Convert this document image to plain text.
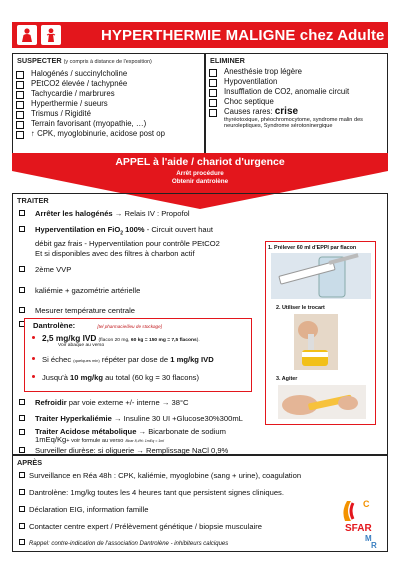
HYPERTHERMIE MALIGNE chez Adulte
SUSPECTER (y compris à distance de l'exposition)
Halogénés / succinylcholine
PEtCO2 élevée / tachypnée
Tachycardie / marbrures
Hyperthermie / sueurs
Trismus / Rigidité
Terrain favorisant (myopathie, …)
↑ CPK, myoglobinurie, acidose post op
ELIMINER
Anesthésie trop légère
Hypoventilation
Insufflation de CO2, anomalie circuit
Choc septique
Causes rares: crise thyréotoxique, phéochromocytome, syndrome malin des neuroleptiques, Syndrome sérotoninergique
APPEL à l'aide / chariot d'urgence
Arrêt procédure
Obtenir dantrolène
TRAITER
Arrêter les halogénés → Relais IV : Propofol
Hyperventilation en FiO$_2$ 100% - Circuit ouvert haut
débit gaz frais - Hyperventilation pour contrôle PEtCO2
Et si disponibles avec des filtres à charbon actif
2ème VVP
kaliémie + gazométrie artérielle
Mesurer température centrale
Refroidir par voie externe +/- interne → 38°C
Traiter Hyperkaliémie → Insuline 30 UI +Glucose30%300mL
Traiter Acidose métabolique → Bicarbonate de sodium
1mEq/Kg+ voir formule au verso Bicar 8,4%: 1mEq = 1ml
Surveiller diurèse: si oliguerie → Remplissage NaCl 0,9%
Dantrolène:	[tel pharmacie/lieu de stockage]
2,5 mg/kg IVD (flacon 20 mg, 60 kg = 150 mg = 7,5 flacons).
Voir abaque au verso
Si échec (quelques min) répéter par dose de 1 mg/kg IVD
Jusqu'à 10 mg/kg au total (60 kg = 30 flacons)
1. Prélever 60 ml d'EPPI par flacon
2. Utiliser le trocart
3. Agiter
APRÈS
Surveillance en Réa 48h : CPK, kaliémie, myoglobine (sang + urine), coagulation
Dantrolène: 1mg/kg toutes les 4 heures tant que persistent signes cliniques.
Déclaration EIG, information famille
Contacter centre expert / Prélèvement génétique / biopsie musculaire
Rappel: contre-indication de l'association Dantrolène - inhibiteurs calciques
C
SFAR
M
R
